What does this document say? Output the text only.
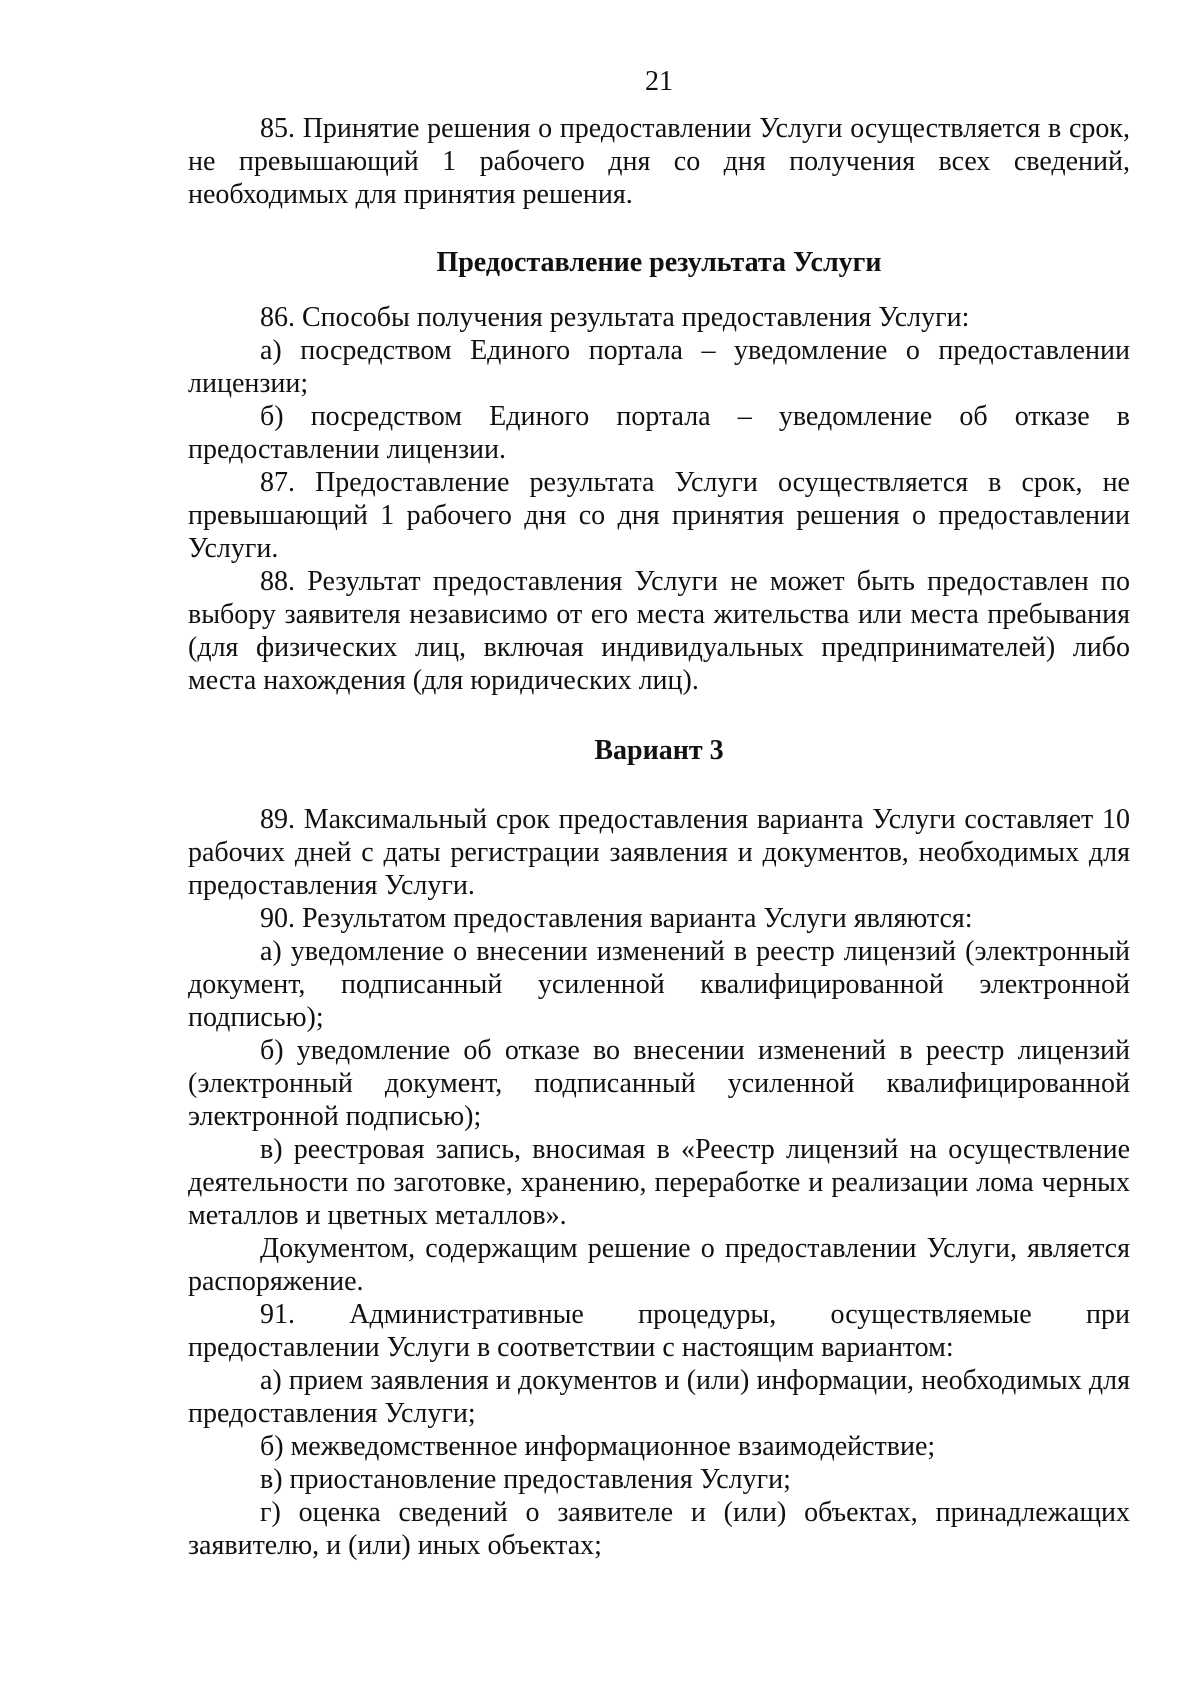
21

85. Принятие решения о предоставлении Услуги осуществляется в срок, не превышающий 1 рабочего дня со дня получения всех сведений, необходимых для принятия решения.

Предоставление результата Услуги

86. Способы получения результата предоставления Услуги:

а) посредством Единого портала – уведомление о предоставлении лицензии;

б) посредством Единого портала – уведомление об отказе в предоставлении лицензии.

87. Предоставление результата Услуги осуществляется в срок, не превышающий 1 рабочего дня со дня принятия решения о предоставлении Услуги.

88. Результат предоставления Услуги не может быть предоставлен по выбору заявителя независимо от его места жительства или места пребывания (для физических лиц, включая индивидуальных предпринимателей) либо места нахождения (для юридических лиц).

Вариант 3

89. Максимальный срок предоставления варианта Услуги составляет 10 рабочих дней с даты регистрации заявления и документов, необходимых для предоставления Услуги.

90. Результатом предоставления варианта Услуги являются:

а) уведомление о внесении изменений в реестр лицензий (электронный документ, подписанный усиленной квалифицированной электронной подписью);

б) уведомление об отказе во внесении изменений в реестр лицензий (электронный документ, подписанный усиленной квалифицированной электронной подписью);

в) реестровая запись, вносимая в «Реестр лицензий на осуществление деятельности по заготовке, хранению, переработке и реализации лома черных металлов и цветных металлов».

Документом, содержащим решение о предоставлении Услуги, является распоряжение.

91. Административные процедуры, осуществляемые при предоставлении Услуги в соответствии с настоящим вариантом:

а) прием заявления и документов и (или) информации, необходимых для предоставления Услуги;

б) межведомственное информационное взаимодействие;

в) приостановление предоставления Услуги;

г) оценка сведений о заявителе и (или) объектах, принадлежащих заявителю, и (или) иных объектах;
